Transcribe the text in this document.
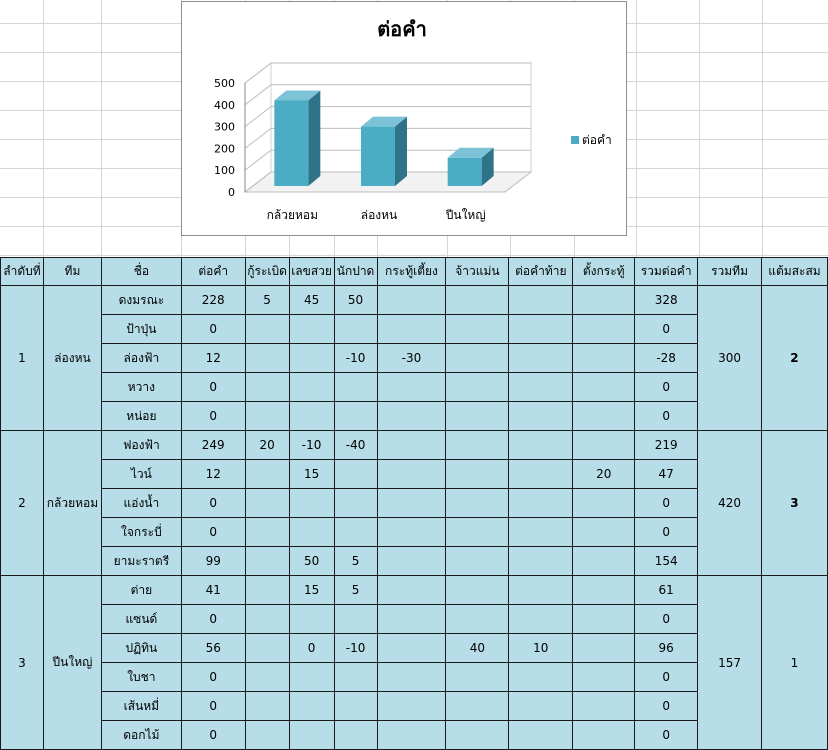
ต่อคำ
0
100
200
300
400
500
กล้วยหอม	ล่องหน	ปีนใหญ่
ต่อคำ
ลำดับที่	ทีม	ชื่อ	ต่อคำ	กู้ระเบิด	เลขสวย	นักปาด	กระทู้เตี้ยง	จ้าวแม่น	ต่อคำท้าย	ตั้งกระทู้	รวมต่อคำ	รวมทีม	แต้มสะสม
1	ล่องหน	ดงมรณะ	228	5	45	50					328	300	2
		ป้าปุ่น	0								0		
		ล่องฟ้า	12			-10	-30				-28		
		หวาง	0								0		
		หน่อย	0								0		
2	กล้วยหอม	ฟองฟ้า	249	20	-10	-40					219	420	3
		ไวน์	12		15					20	47		
		แอ่งน้ำ	0								0		
		ใจกระบี่	0								0		
		ยามะราตรี	99		50	5					154		
3	ปีนใหญ่	ต่าย	41		15	5					61	157	1
		แซนด์	0								0		
		ปฏิทิน	56		0	-10		40	10		96		
		ใบชา	0								0		
		เส้นหมี่	0								0		
		ดอกไม้	0								0		
